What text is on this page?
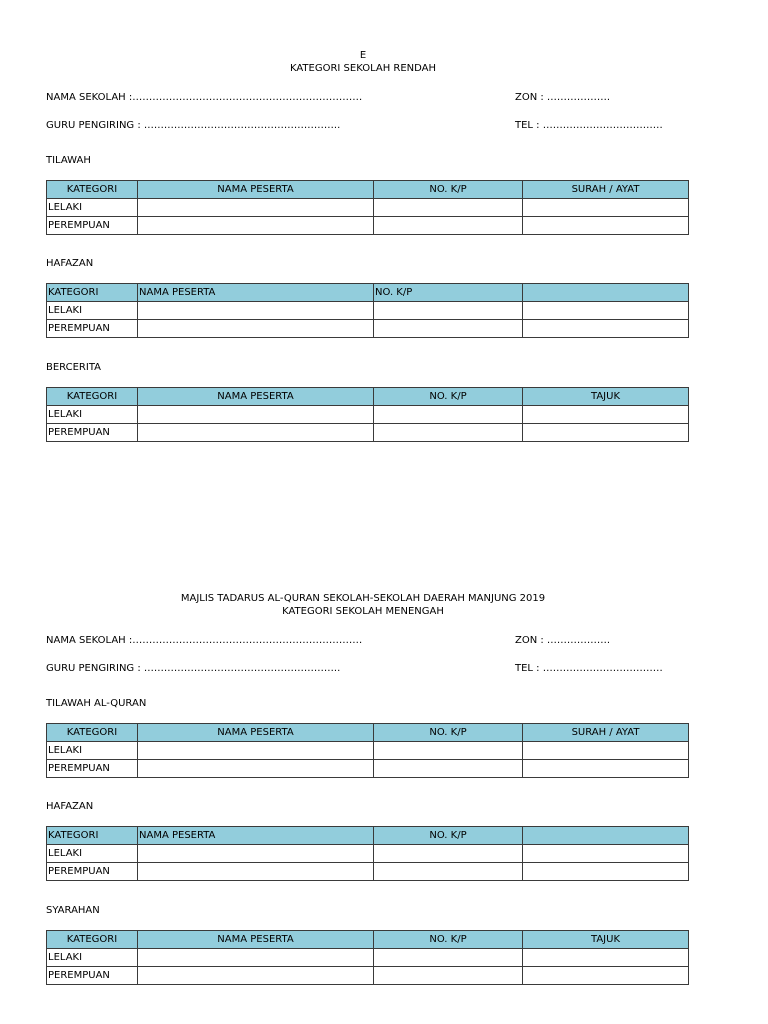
E
KATEGORI SEKOLAH RENDAH
NAMA SEKOLAH :……………………………………………………………	ZON : ……………….
GURU PENGIRING : …………………………………………………..	TEL : ………………………………
TILAWAH
KATEGORI	NAMA PESERTA	NO. K/P	SURAH / AYAT
LELAKI			
PEREMPUAN			
HAFAZAN
KATEGORI	NAMA PESERTA	NO. K/P	
LELAKI			
PEREMPUAN			
BERCERITA
KATEGORI	NAMA PESERTA	NO. K/P	TAJUK
LELAKI			
PEREMPUAN			
MAJLIS TADARUS AL-QURAN SEKOLAH-SEKOLAH DAERAH MANJUNG 2019
KATEGORI SEKOLAH MENENGAH
NAMA SEKOLAH :……………………………………………………………	ZON : ……………….
GURU PENGIRING : …………………………………………………..	TEL : ………………………………
TILAWAH AL-QURAN
KATEGORI	NAMA PESERTA	NO. K/P	SURAH / AYAT
LELAKI			
PEREMPUAN			
HAFAZAN
KATEGORI	NAMA PESERTA	NO. K/P	
LELAKI			
PEREMPUAN			
SYARAHAN
KATEGORI	NAMA PESERTA	NO. K/P	TAJUK
LELAKI			
PEREMPUAN			
